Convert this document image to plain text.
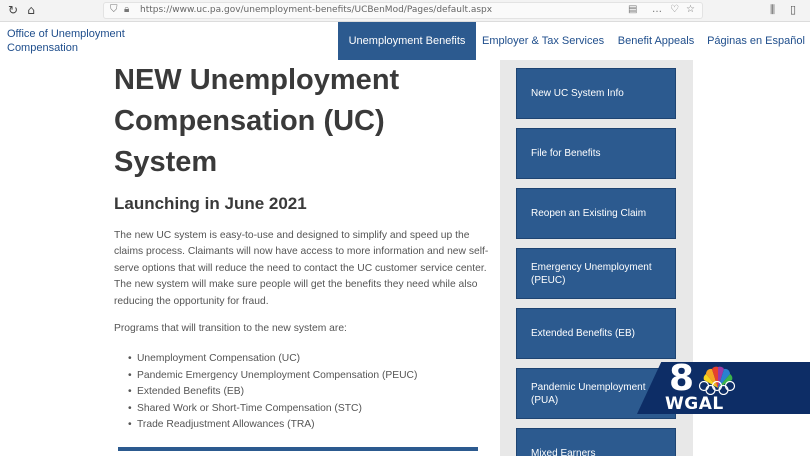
↻ ⌂	⛉ 🔒︎ https://www.uc.pa.gov/unemployment-benefits/UCBenMod/Pages/default.aspx	▤ … ♡ ☆	⫼ ▯
Office of Unemployment
Compensation
Unemployment Benefits	Employer & Tax Services	Benefit Appeals	Páginas en Español
NEW Unemployment Compensation (UC) System
Launching in June 2021

The new UC system is easy-to-use and designed to simplify and speed up the claims process. Claimants will now have access to more information and new self-serve options that will reduce the need to contact the UC customer service center. The new system will make sure people will get the benefits they need while also reducing the opportunity for fraud.

Programs that will transition to the new system are:

• Unemployment Compensation (UC)
• Pandemic Emergency Unemployment Compensation (PEUC)
• Extended Benefits (EB)
• Shared Work or Short-Time Compensation (STC)
• Trade Readjustment Allowances (TRA)
New UC System Info
File for Benefits
Reopen an Existing Claim
Emergency Unemployment (PEUC)
Extended Benefits (EB)
Pandemic Unemployment (PUA)
Mixed Earners
8
WGAL
